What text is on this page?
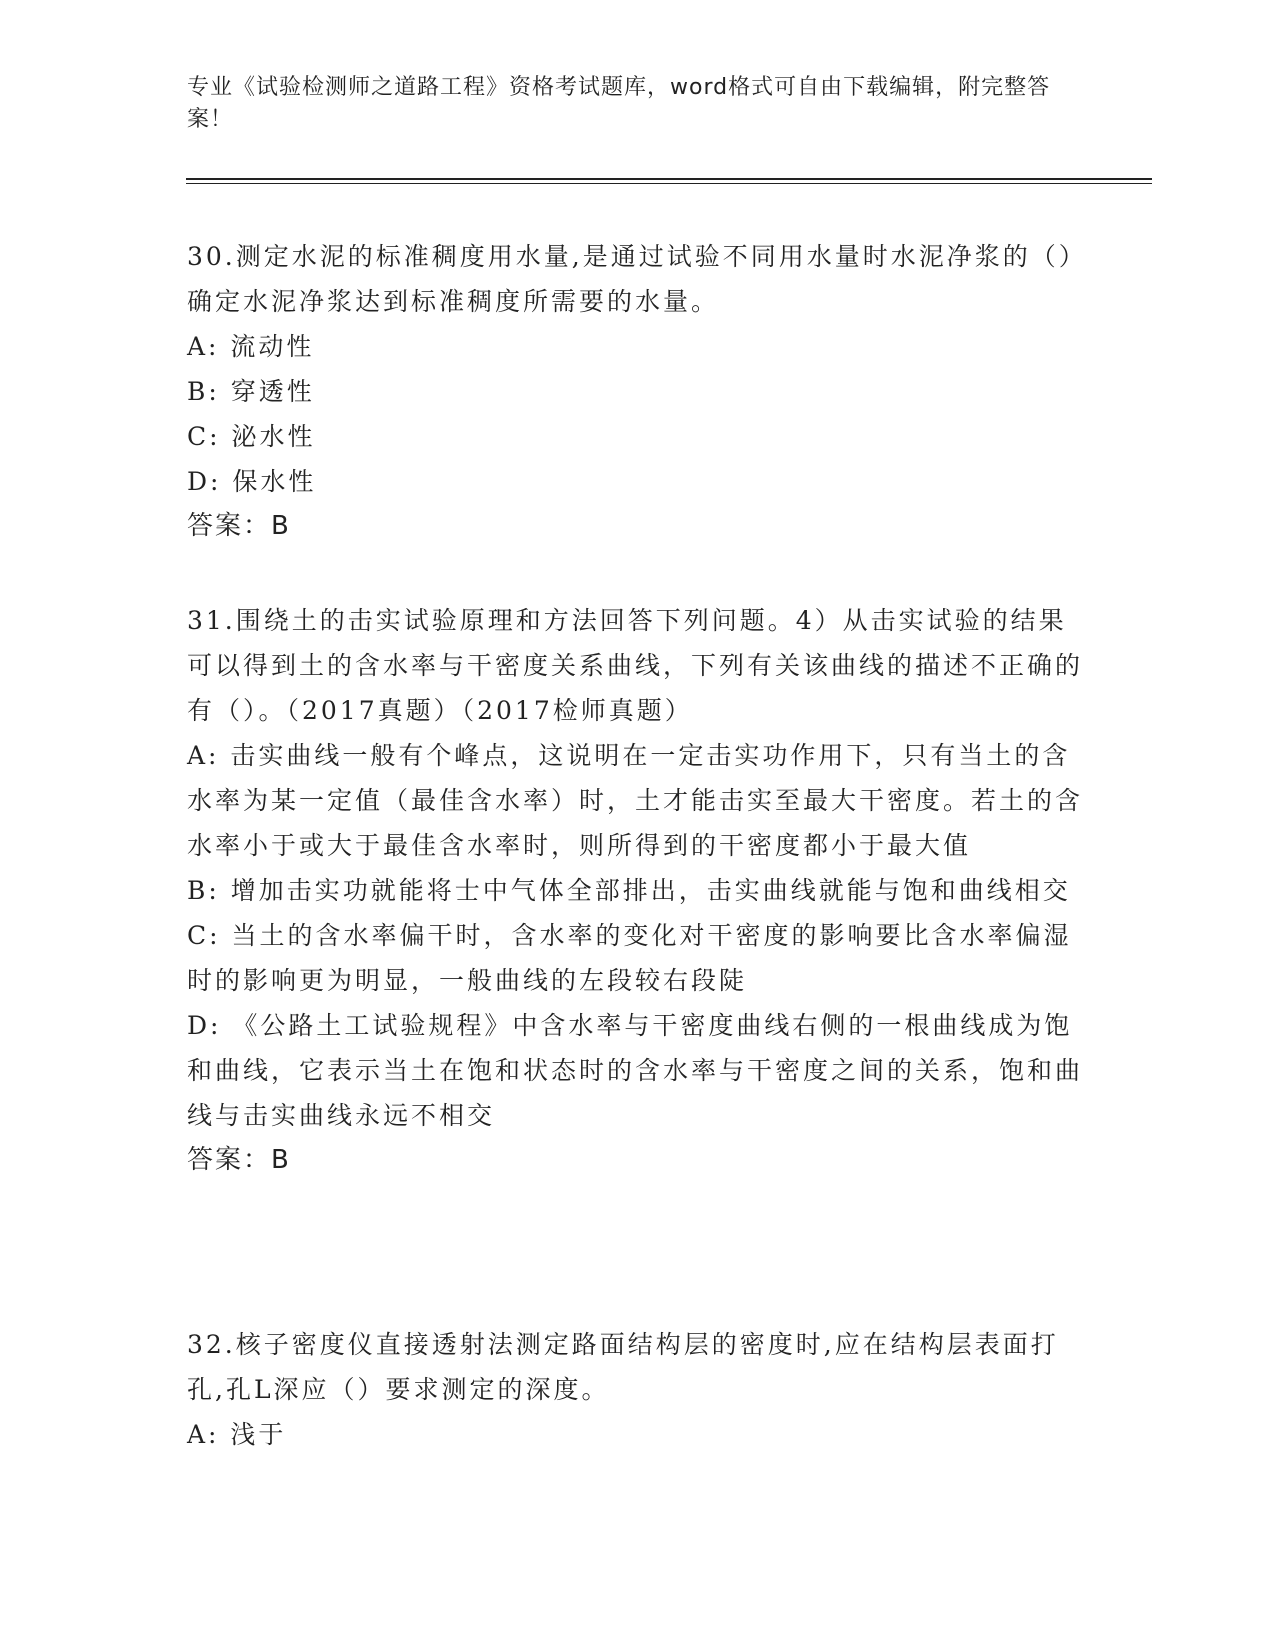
专业《试验检测师之道路工程》资格考试题库，word格式可自由下载编辑，附完整答案！

30.测定水泥的标准稠度用水量,是通过试验不同用水量时水泥净浆的（）确定水泥净浆达到标准稠度所需要的水量。

A: 流动性

B: 穿透性

C: 泌水性

D: 保水性

答案：B

31.围绕土的击实试验原理和方法回答下列问题。4）从击实试验的结果可以得到土的含水率与干密度关系曲线，下列有关该曲线的描述不正确的有（）。（2017真题）（2017检师真题）

A: 击实曲线一般有个峰点，这说明在一定击实功作用下，只有当土的含水率为某一定值（最佳含水率）时，土才能击实至最大干密度。若土的含水率小于或大于最佳含水率时，则所得到的干密度都小于最大值

B: 增加击实功就能将士中气体全部排出，击实曲线就能与饱和曲线相交

C: 当土的含水率偏干时，含水率的变化对干密度的影响要比含水率偏湿时的影响更为明显，一般曲线的左段较右段陡

D: 《公路土工试验规程》中含水率与干密度曲线右侧的一根曲线成为饱和曲线，它表示当土在饱和状态时的含水率与干密度之间的关系，饱和曲线与击实曲线永远不相交

答案：B

32.核子密度仪直接透射法测定路面结构层的密度时,应在结构层表面打孔,孔L深应（）要求测定的深度。

A: 浅于
